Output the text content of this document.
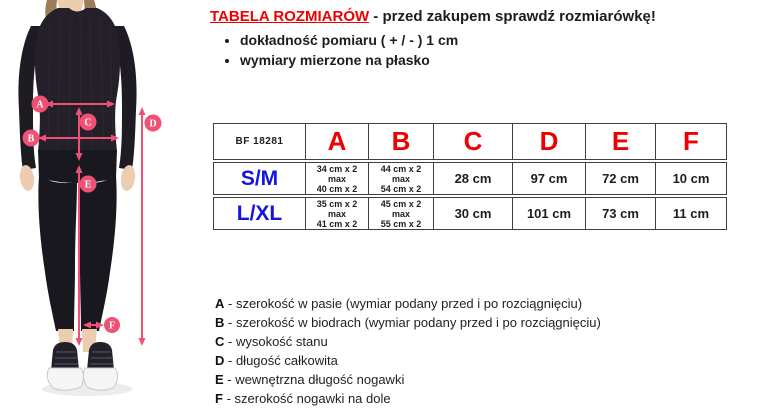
A
B
C	D
E
F
TABELA ROZMIARÓW - przed zakupem sprawdź rozmiarówkę!
• dokładność pomiaru ( + / - ) 1 cm
• wymiary mierzone na płasko
BF 18281	A	B	C	D	E	F
S/M	34 cm x 2
max
40 cm x 2	44 cm x 2
max
54 cm x 2	28 cm	97 cm	72 cm	10 cm
L/XL	35 cm x 2
max
41 cm x 2	45 cm x 2
max
55 cm x 2	30 cm	101 cm	73 cm	11 cm
A - szerokość w pasie (wymiar podany przed i po rozciągnięciu)
B - szerokość w biodrach (wymiar podany przed i po rozciągnięciu)
C - wysokość stanu
D - długość całkowita
E - wewnętrzna długość nogawki
F - szerokość nogawki na dole
